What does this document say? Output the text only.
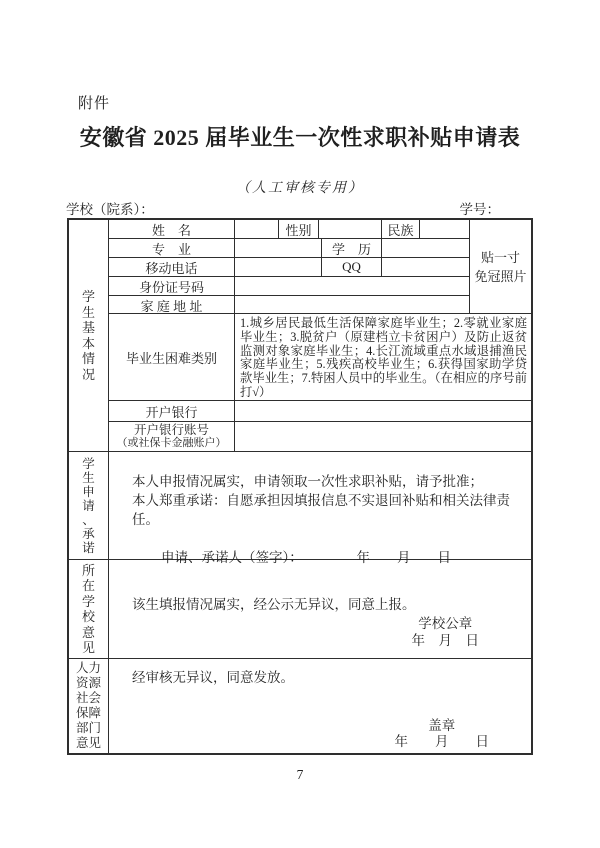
附件
安徽省 2025 届毕业生一次性求职补贴申请表
（人工审核专用）
学校（院系）：	学号：
学生基本情况
姓　名	性别	民族
专　业	学　历
移动电话	QQ
身份证号码
家 庭 地 址
贴一寸
免冠照片
毕业生困难类别
1.城乡居民最低生活保障家庭毕业生；2.零就业家庭毕业生；3.脱贫户（原建档立卡贫困户）及防止返贫监测对象家庭毕业生；4.长江流域重点水域退捕渔民家庭毕业生；5.残疾高校毕业生；6.获得国家助学贷款毕业生；7.特困人员中的毕业生。（在相应的序号前打√）
开户银行
开户银行账号
（或社保卡金融账户）
学生申请、承诺
本人申报情况属实，申请领取一次性求职补贴，请予批准；
本人郑重承诺：自愿承担因填报信息不实退回补贴和相关法律责任。
申请、承诺人（签字）：	年　　月　　日
所在学校意见
该生填报情况属实，经公示无异议，同意上报。
学校公章
年　月　日
人力资源社会保障部门意见
经审核无异议，同意发放。
盖章
年　　月　　日
7
